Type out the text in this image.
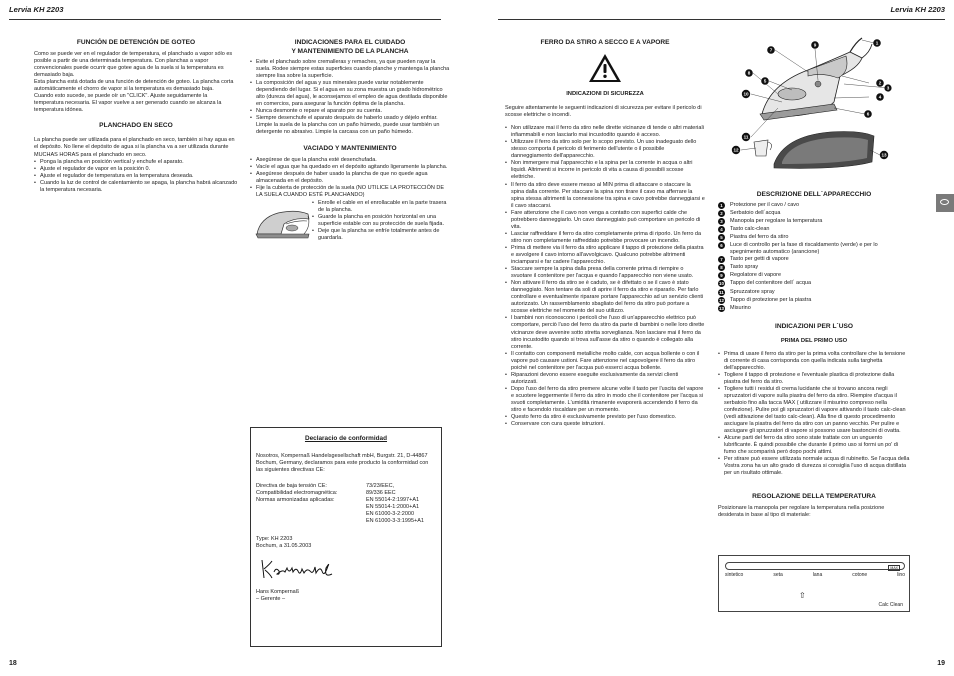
Lervia KH 2203	Lervia KH 2203
FUNCIÓN DE DETENCIÓN DE GOTEO

Como se puede ver en el regulador de temperatura, el planchado a vapor sólo es posible a partir de una determinada temperatura. Con planchas a vapor convencionales puede ocurrir que gotee agua de la suela si la temperatura es demasiado baja.

Esta plancha está dotada de una función de detención de goteo. La plancha corta automáticamente el chorro de vapor si la temperatura es demasiado baja.

Cuando esto sucede, se puede oír un "CLICK". Ajuste seguidamente la temperatura necesaria. El vapor vuelve a ser generado cuando se alcanza la temperatura idónea.

PLANCHADO EN SECO

La plancha puede ser utilizada para el planchado en seco, también si hay agua en el depósito. No llene el depósito de agua si la plancha va a ser utilizada durante MUCHAS HORAS para el planchado en seco.

• Ponga la plancha en posición vertical y enchufe el aparato.
• Ajuste el regulador de vapor en la posición 0.
• Ajuste el regulador de temperatura en la temperatura deseada.
• Cuando la luz de control de calentamiento se apaga, la plancha habrá alcanzado la temperatura necesaria.
INDICACIONES PARA EL CUIDADO
Y MANTENIMIENTO DE LA PLANCHA
• Evite el planchado sobre cremalleras y remaches, ya que pueden rayar la suela. Rodee siempre estas superficies cuando planche y mantenga la plancha siempre lisa sobre la superficie.
• La composición del agua y sus minerales puede variar notablemente dependiendo del lugar. Si el agua en su zona muestra un grado hidrométrico alto (dureza del agua), le aconsejamos el empleo de agua destilada disponible en comercios, para asegurar la función óptima de la plancha.
• Nunca desmonte o repare el aparato por su cuenta.
• Siempre desenchufe el aparato después de haberlo usado y déjelo enfriar. Limpie la suela de la plancha con un paño húmedo, puede usar también un detergente no abrasivo. Limpie la carcasa con un paño húmedo.
VACIADO Y MANTENIMIENTO
• Asegúrese de que la plancha esté desenchufada.
• Vacíe el agua que ha quedado en el depósito agitando ligeramente la plancha.
• Asegúrese después de haber usado la plancha de que no quede agua almacenada en el depósito.
• Fije la cubierta de protección de la suela (NO UTILICE LA PROTECCIÓN DE LA SUELA CUANDO ESTÉ PLANCHANDO)
• Enrolle el cable en el enrollacable en la parte trasera de la plancha.
• Guarde la plancha en posición horizontal en una superficie estable con su protección de suela fijada.
• Deje que la plancha se enfríe totalmente antes de guardarla.
Declaracio de conformidad

Nosotros, Kompernaß Handelsgesellschaft mbH, Burgstr. 21, D-44867 Bochum, Germany, declaramos para este producto la conformidad con las siguientes directivas CE:

Directiva de baja tensión CE:	73/23/EEC,
Compatibilidad electromagnética:	89/336 EEC
Normas armonizadas aplicadas:	EN 55014-2:1997+A1
EN 55014-1:2000+A1
EN 61000-3-2:2000
EN 61000-3-3:1995+A1

Type: KH 2203

Bochum, a 31.05.2003

Hans Kompernaß

– Gerente –

FERRO DA STIRO A SECCO E A VAPORE
INDICAZIONI DI SICUREZZA

Seguire attentamente le seguenti indicazioni di sicurezza per evitare il pericolo di scosse elettriche o incendi.

• Non utilizzare mai il ferro da stiro nelle dirette vicinanze di tende o altri materiali infiammabili e non lasciarlo mai incustodito quando è acceso.
• Utilizzare il ferro da stiro solo per lo scopo previsto. Un uso inadeguato dello stesso comporta il pericolo di ferimento dell'utente o il possibile danneggiamento dell'apparecchio.
• Non immergere mai l'apparecchio e la spina per la corrente in acqua o altri liquidi. Altrimenti si incorre in pericolo di vita a causa di possibili scosse elettriche.
• Il ferro da stiro deve essere messo al MIN prima di attaccare o staccare la spina dalla corrente. Per staccare la spina non tirare il cavo ma afferrare la spina stessa altrimenti la connessione tra spina e cavo potrebbe danneggiarsi e il cavo staccarsi.
• Fare attenzione che il cavo non venga a contatto con superfici calde che potrebbero danneggiarlo. Un cavo danneggiato può comportare un pericolo di vita.
• Lasciar raffreddare il ferro da stiro completamente prima di riporlo. Un ferro da stiro non completamente raffreddato potrebbe provocare un incendio.
• Prima di mettere via il ferro da stiro applicare il tappo di protezione della piastra e avvolgere il cavo intorno all'avvolgicavo. Qualcuno potrebbe altrimenti inciamparsi e far cadere l'apparecchio.
• Staccare sempre la spina dalla presa della corrente prima di riempire o svuotare il contenitore per l'acqua e quando l'apparecchio non viene usato.
• Non attivare il ferro da stiro se è caduto, se è difettato o se il cavo è stato danneggiato. Non tentare da soli di aprire il ferro da stiro e ripararlo. Per farlo controllare e eventualmente riparare portare l'apparecchio ad un servizio clienti autorizzato. Un rassemblamento sbagliato del ferro da stiro può portare a scosse elettriche nel momento del suo utilizzo.
• I bambini non riconoscono i pericoli che l'uso di un'apparecchio elettrico può comportare, perciò l'uso del ferro da stiro da parte di bambini o nelle loro dirette vicinanze deve avvenire sotto stretta sorveglianza. Non lasciare mai il ferro da stiro incustodito quando si trova sull'asse da stiro o quando è collegato alla corrente.
• Il contatto con componenti metalliche molto calde, con acqua bollente o con il vapore può causare ustioni. Fare attenzione nel capovolgere il ferro da stiro poiché nel contenitore per l'acqua può esserci acqua bollente.
• Riparazioni devono essere eseguite esclusivamente da servizi clienti autorizzati.
• Dopo l'uso del ferro da stiro premere alcune volte il tasto per l'uscita del vapore e scuotere leggermente il ferro da stiro in modo che il contenitore per l'acqua si svuoti completamente. L'umidità rimanente evaporerà accendendo il ferro da stiro e facendolo riscaldare per un momento.
• Questo ferro da stiro è esclusivamente previsto per l'uso domestico.
• Conservare con cura queste istruzioni.
1
2
3
4
5
6
7
8
9
10
11
12
13
DESCRIZIONE DELL´APPARECCHIO
1	Protezione per il cavo / cavo
2	Serbatoio dell´acqua
3	Manopola per regolare la temperatura
4	Tasto calc-clean
5	Piastra del ferro da stiro
6	Luce di controllo per la fase di riscaldamento (verde) e per lo spegnimento automatico (arancione)
7	Tasto per getti di vapore
8	Tasto spray
9	Regolatore di vapore
10	Tappo del contenitore dell´ acqua
11	Spruzzatore spray
12	Tappo di protezione per la piastra
13	Misurino
INDICAZIONI PER L´USO
PRIMA DEL PRIMO USO
• Prima di usare il ferro da stiro per la prima volta controllare che la tensione di corrente di casa corrisponda con quella indicata sulla targhetta dell'apparecchio.
• Togliere il tappo di protezione e l'eventuale plastica di protezione dalla piastra del ferro da stiro.
• Togliere tutti i residui di crema lucidante che si trovano ancora negli spruzzatori di vapore sulla piastra del ferro da stiro. Riempire d'acqua il serbatoio fino alla tacca MAX ( utilizzare il misurino compreso nella confezione). Pulire poi gli spruzzatori di vapore attivando il tasto calc-clean (vedi attivazione del tasto calc-clean). Alla fine di questo procedimento asciugare la piastra del ferro da stiro con un panno vecchio. Per pulire e asciugare gli spruzzatori di vapore si possono usare bastoncini di ovatta.
• Alcune parti del ferro da stiro sono state trattate con un unguento lubrificante. È quindi possibile che durante il primo uso si formi un po' di fumo che scomparirà però dopo pochi attimi.
• Per stirare può essere utilizzata normale acqua di rubinetto. Se l'acqua della Vostra zona ha un alto grado di durezza si consiglia l'uso di acqua distillata per un risultato ottimale.
REGOLAZIONE DELLA TEMPERATURA

Posizionare la manopola per regolare la temperatura nella posizione desiderata in base al tipo di materiale:

MAX
sintetico	seta	lana	cotone	lino
⇧
Calc Clean
18	19
